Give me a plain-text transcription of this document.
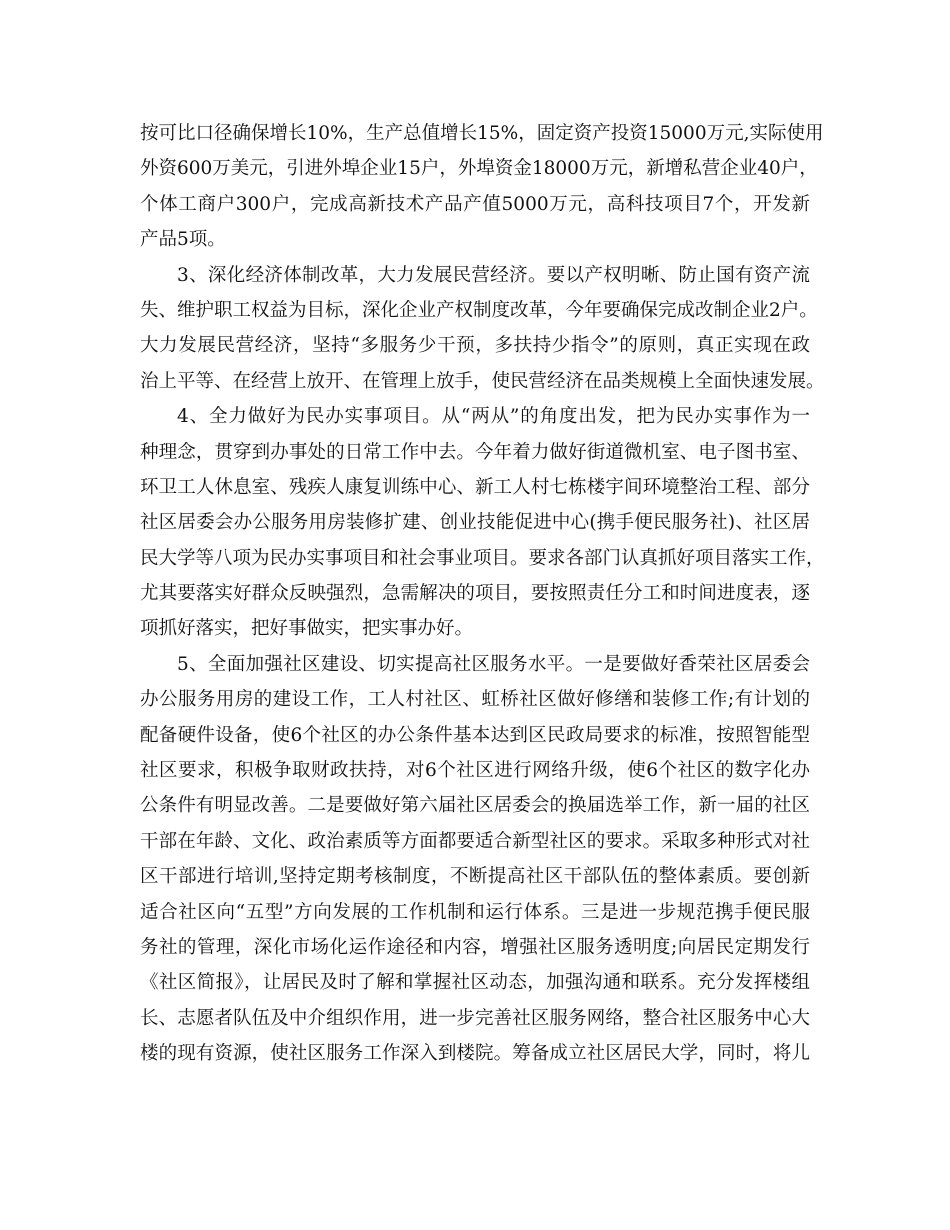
按可比口径确保增长10%，生产总值增长15%，固定资产投资15000万元,实际使用
外资600万美元，引进外埠企业15户，外埠资金18000万元，新增私营企业40户，
个体工商户300户，完成高新技术产品产值5000万元，高科技项目7个，开发新
产品5项。
3、深化经济体制改革，大力发展民营经济。要以产权明晰、防止国有资产流
失、维护职工权益为目标，深化企业产权制度改革，今年要确保完成改制企业2户。
大力发展民营经济，坚持“多服务少干预，多扶持少指令”的原则，真正实现在政
治上平等、在经营上放开、在管理上放手，使民营经济在品类规模上全面快速发展。
4、全力做好为民办实事项目。从“两从”的角度出发，把为民办实事作为一
种理念，贯穿到办事处的日常工作中去。今年着力做好街道微机室、电子图书室、
环卫工人休息室、残疾人康复训练中心、新工人村七栋楼宇间环境整治工程、部分
社区居委会办公服务用房装修扩建、创业技能促进中心(携手便民服务社)、社区居
民大学等八项为民办实事项目和社会事业项目。要求各部门认真抓好项目落实工作，
尤其要落实好群众反映强烈，急需解决的项目，要按照责任分工和时间进度表，逐
项抓好落实，把好事做实，把实事办好。
5、全面加强社区建设、切实提高社区服务水平。一是要做好香荣社区居委会
办公服务用房的建设工作，工人村社区、虹桥社区做好修缮和装修工作;有计划的
配备硬件设备，使6个社区的办公条件基本达到区民政局要求的标准，按照智能型
社区要求，积极争取财政扶持，对6个社区进行网络升级，使6个社区的数字化办
公条件有明显改善。二是要做好第六届社区居委会的换届选举工作，新一届的社区
干部在年龄、文化、政治素质等方面都要适合新型社区的要求。采取多种形式对社
区干部进行培训,坚持定期考核制度，不断提高社区干部队伍的整体素质。要创新
适合社区向“五型”方向发展的工作机制和运行体系。三是进一步规范携手便民服
务社的管理，深化市场化运作途径和内容，增强社区服务透明度;向居民定期发行
《社区简报》，让居民及时了解和掌握社区动态，加强沟通和联系。充分发挥楼组
长、志愿者队伍及中介组织作用，进一步完善社区服务网络，整合社区服务中心大
楼的现有资源，使社区服务工作深入到楼院。筹备成立社区居民大学，同时，将儿
